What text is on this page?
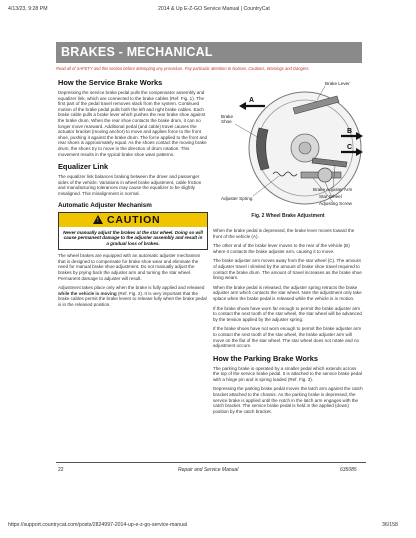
4/13/23, 9:28 PM	2014 & Up E-Z-GO Service Manual | CountryCat
BRAKES - MECHANICAL
Read all of SAFETY and this section before attempting any procedure. Pay particular attention to Notices, Cautions, Warnings and Dangers.
How the Service Brake Works

Depressing the service brake pedal pulls the compensator assembly and equalizer link, which are connected to the brake cables (Ref. Fig. 1). The first part of the pedal travel removes slack from the system. Continued motion of the brake pedal pulls both the left and right brake cables. Each brake cable pulls a brake lever which pushes the rear brake shoe against the brake drum. When the rear shoe contacts the brake drum, it can no longer move rearward. Additional pedal (and cable) travel causes the actuator bracket (moving anchor) to move and applies force to the front shoe, pushing it against the brake drum. The force applied to the front and rear shoes is approximately equal. As the shoes contact the moving brake drum, the shoes try to move in the direction of drum rotation. This movement results in the typical brake shoe wear patterns.

Equalizer Link

The equalizer link balances braking between the driver and passenger sides of the vehicle. Variations in wheel brake adjustment, cable friction and manufacturing tolerances may cause the equalizer to be slightly misaligned. This misalignment is normal.

Automatic Adjuster Mechanism
! CAUTION
Never manually adjust the brakes at the star wheel. Doing so will cause permanent damage to the adjuster assembly and result in a gradual loss of brakes.

The wheel brakes are equipped with an automatic adjuster mechanism that is designed to compensate for brake shoe wear and eliminate the need for manual brake shoe adjustment. Do not manually adjust the brakes by prying back the adjuster arm and turning the star wheel. Permanent damage to adjuster will result.

Adjustment takes place only when the brake is fully applied and released while the vehicle is moving (Ref. Fig. 2). It is very important that the brake cables permit the brake levers to release fully when the brake pedal is in the released position.

Brake Lever
Brake Shoe
A
B
C
Brake Adjuster Arm
Star Wheel
Adjusting Screw
Adjuster Spring
Fig. 2 Wheel Brake Adjustment

When the brake pedal is depressed, the brake lever moves toward the front of the vehicle (A).

The other end of the brake lever moves to the rear of the vehicle (B) where it contacts the brake adjuster arm, causing it to move.

The brake adjuster arm moves away from the star wheel (C). The amount of adjuster travel i slimited by the amount of brake shoe travel required to contact the brake drum. The amount of travel increases as the brake shoe lining wears.

When the brake pedal is released, the adjuster spring retracts the brake adjuster arm which contacts the star wheel. Note the adjustment only take splace when the brake pedal is released while the vehicle is in motion.

If the brake shoes have worn far enough to permit the brake adjuster arm to contact the next tooth of the star wheel, the star wheel will be advanced by the tension applied by the adjuster spring.

If the brake shoes have not worn enough to permit the brake adjuster arm to contact the next tooth of the star wheel, the brake adjuster arm will move on the flat of the star wheel. The star wheel does not rotate and no adjustment occurs.

How the Parking Brake Works

The parking brake is operated by a smaller pedal which extends across the top of the service brake pedal. It is attached to the service brake pedal with a hinge pin and is spring loaded (Ref. Fig. 3).

Depressing the parking brake pedal moves the latch arm against the catch bracket attached to the chassis. As the parking brake is depressed, the service brake is applied until the notch in the latch arm engages with the catch bracket. The service brake pedal is held in the applied (down) position by the catch bracket.

22	Repair and Service Manual	635085
https://support.countrycat.com/posts/2824997-2014-up-e-z-go-service-manual	36/158
